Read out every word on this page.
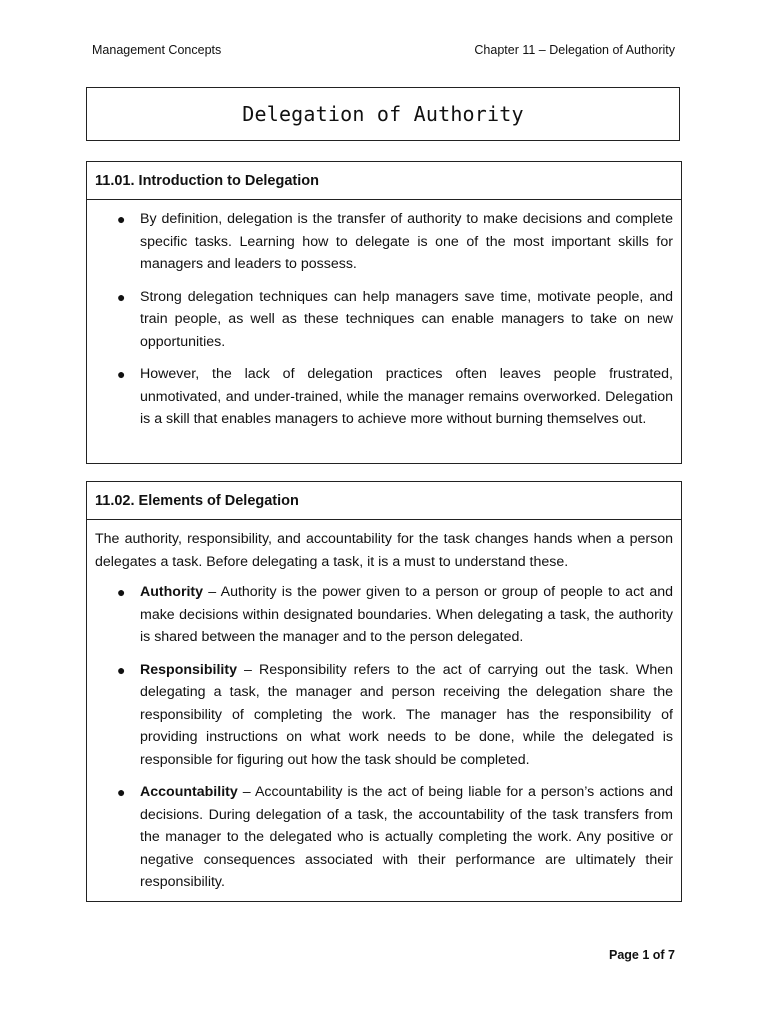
Management Concepts	Chapter 11 – Delegation of Authority
Delegation of Authority
11.01. Introduction to Delegation
● By definition, delegation is the transfer of authority to make decisions and complete specific tasks. Learning how to delegate is one of the most important skills for managers and leaders to possess.
● Strong delegation techniques can help managers save time, motivate people, and train people, as well as these techniques can enable managers to take on new opportunities.
● However, the lack of delegation practices often leaves people frustrated, unmotivated, and under-trained, while the manager remains overworked. Delegation is a skill that enables managers to achieve more without burning themselves out.
11.02. Elements of Delegation

The authority, responsibility, and accountability for the task changes hands when a person delegates a task. Before delegating a task, it is a must to understand these.

● Authority – Authority is the power given to a person or group of people to act and make decisions within designated boundaries. When delegating a task, the authority is shared between the manager and to the person delegated.
● Responsibility – Responsibility refers to the act of carrying out the task. When delegating a task, the manager and person receiving the delegation share the responsibility of completing the work. The manager has the responsibility of providing instructions on what work needs to be done, while the delegated is responsible for figuring out how the task should be completed.
● Accountability – Accountability is the act of being liable for a person’s actions and decisions. During delegation of a task, the accountability of the task transfers from the manager to the delegated who is actually completing the work. Any positive or negative consequences associated with their performance are ultimately their responsibility.
Page 1 of 7
